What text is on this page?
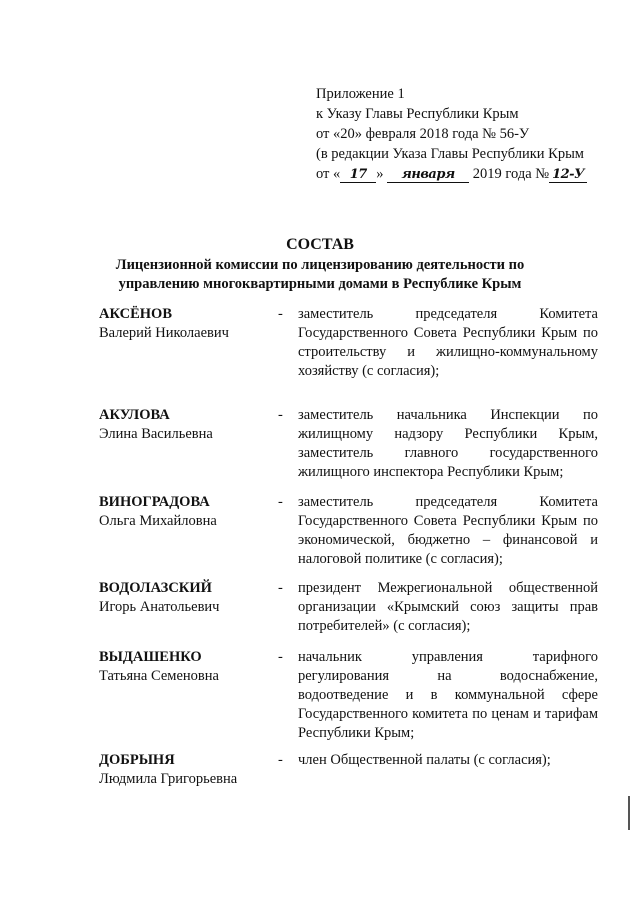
Приложение 1
к Указу Главы Республики Крым
от «20» февраля 2018 года № 56-У
(в редакции Указа Главы Республики Крым
от « 17 » января 2019 года № 12-У
СОСТАВ
Лицензионной комиссии по лицензированию деятельности по
управлению многоквартирными домами в Республике Крым
АКСЁНОВ
Валерий Николаевич
- заместитель председателя Комитета Государственного Совета Республики Крым по строительству и жилищно-коммунальному хозяйству (с согласия);
АКУЛОВА
Элина Васильевна
- заместитель начальника Инспекции по жилищному надзору Республики Крым, заместитель главного государственного жилищного инспектора Республики Крым;
ВИНОГРАДОВА
Ольга Михайловна
- заместитель председателя Комитета Государственного Совета Республики Крым по экономической, бюджетно – финансовой и налоговой политике (с согласия);
ВОДОЛАЗСКИЙ
Игорь Анатольевич
- президент Межрегиональной общественной организации «Крымский союз защиты прав потребителей» (с согласия);
ВЫДАШЕНКО
Татьяна Семеновна
- начальник управления тарифного регулирования на водоснабжение, водоотведение и в коммунальной сфере Государственного комитета по ценам и тарифам Республики Крым;
ДОБРЫНЯ
Людмила Григорьевна
- член Общественной палаты (с согласия);
